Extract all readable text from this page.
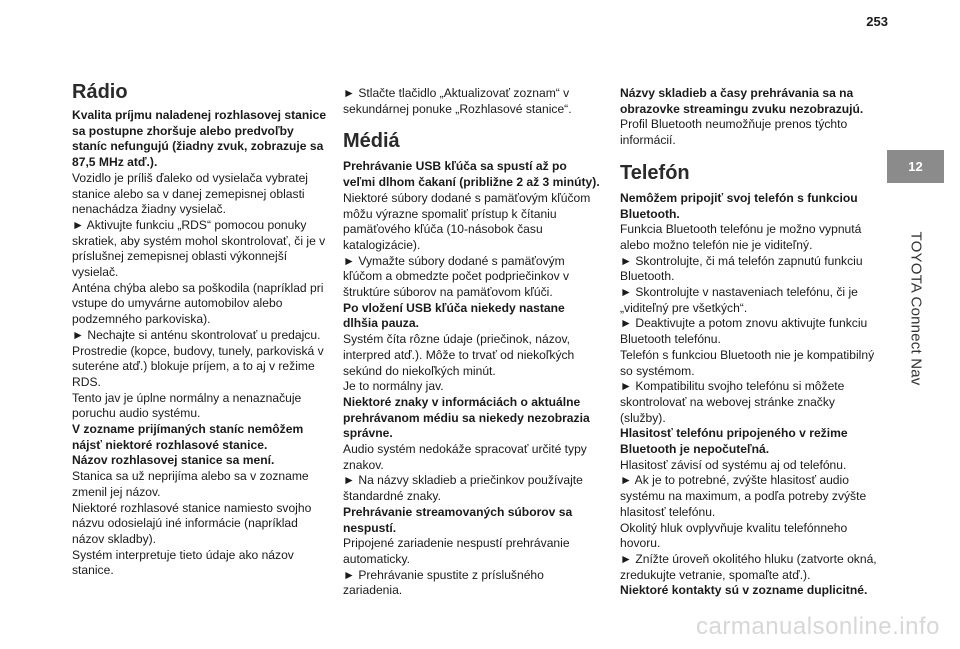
253
12
TOYOTA Connect Nav
Rádio

Kvalita príjmu naladenej rozhlasovej stanice sa postupne zhoršuje alebo predvoľby staníc nefungujú (žiadny zvuk, zobrazuje sa 87,5 MHz atď.).

Vozidlo je príliš ďaleko od vysielača vybratej stanice alebo sa v danej zemepisnej oblasti nenachádza žiadny vysielač.

► Aktivujte funkciu „RDS“ pomocou ponuky skratiek, aby systém mohol skontrolovať, či je v príslušnej zemepisnej oblasti výkonnejší vysielač.

Anténa chýba alebo sa poškodila (napríklad pri vstupe do umyvárne automobilov alebo podzemného parkoviska).

► Nechajte si anténu skontrolovať u predajcu.

Prostredie (kopce, budovy, tunely, parkoviská v suteréne atď.) blokuje príjem, a to aj v režime RDS.

Tento jav je úplne normálny a nenaznačuje poruchu audio systému.

V zozname prijímaných staníc nemôžem nájsť niektoré rozhlasové stanice.

Názov rozhlasovej stanice sa mení.

Stanica sa už neprijíma alebo sa v zozname zmenil jej názov.

Niektoré rozhlasové stanice namiesto svojho názvu odosielajú iné informácie (napríklad názov skladby).

Systém interpretuje tieto údaje ako názov stanice.

► Stlačte tlačidlo „Aktualizovať zoznam“ v sekundárnej ponuke „Rozhlasové stanice“.

Médiá

Prehrávanie USB kľúča sa spustí až po veľmi dlhom čakaní (približne 2 až 3 minúty).

Niektoré súbory dodané s pamäťovým kľúčom môžu výrazne spomaliť prístup k čítaniu pamäťového kľúča (10-násobok času katalogizácie).

► Vymažte súbory dodané s pamäťovým kľúčom a obmedzte počet podpriečinkov v štruktúre súborov na pamäťovom kľúči.

Po vložení USB kľúča niekedy nastane dlhšia pauza.

Systém číta rôzne údaje (priečinok, názov, interpred atď.). Môže to trvať od niekoľkých sekúnd do niekoľkých minút.

Je to normálny jav.

Niektoré znaky v informáciách o aktuálne prehrávanom médiu sa niekedy nezobrazia správne.

Audio systém nedokáže spracovať určité typy znakov.

► Na názvy skladieb a priečinkov používajte štandardné znaky.

Prehrávanie streamovaných súborov sa nespustí.

Pripojené zariadenie nespustí prehrávanie automaticky.

► Prehrávanie spustite z príslušného zariadenia.

Názvy skladieb a časy prehrávania sa na obrazovke streamingu zvuku nezobrazujú.

Profil Bluetooth neumožňuje prenos týchto informácií.

Telefón

Nemôžem pripojiť svoj telefón s funkciou Bluetooth.

Funkcia Bluetooth telefónu je možno vypnutá alebo možno telefón nie je viditeľný.

► Skontrolujte, či má telefón zapnutú funkciu Bluetooth.

► Skontrolujte v nastaveniach telefónu, či je „viditeľný pre všetkých“.

► Deaktivujte a potom znovu aktivujte funkciu Bluetooth telefónu.

Telefón s funkciou Bluetooth nie je kompatibilný so systémom.

► Kompatibilitu svojho telefónu si môžete skontrolovať na webovej stránke značky (služby).

Hlasitosť telefónu pripojeného v režime Bluetooth je nepočuteľná.

Hlasitosť závisí od systému aj od telefónu.

► Ak je to potrebné, zvýšte hlasitosť audio systému na maximum, a podľa potreby zvýšte hlasitosť telefónu.

Okolitý hluk ovplyvňuje kvalitu telefónneho hovoru.

► Znížte úroveň okolitého hluku (zatvorte okná, zredukujte vetranie, spomaľte atď.).

Niektoré kontakty sú v zozname duplicitné.

carmanualsonline.info
